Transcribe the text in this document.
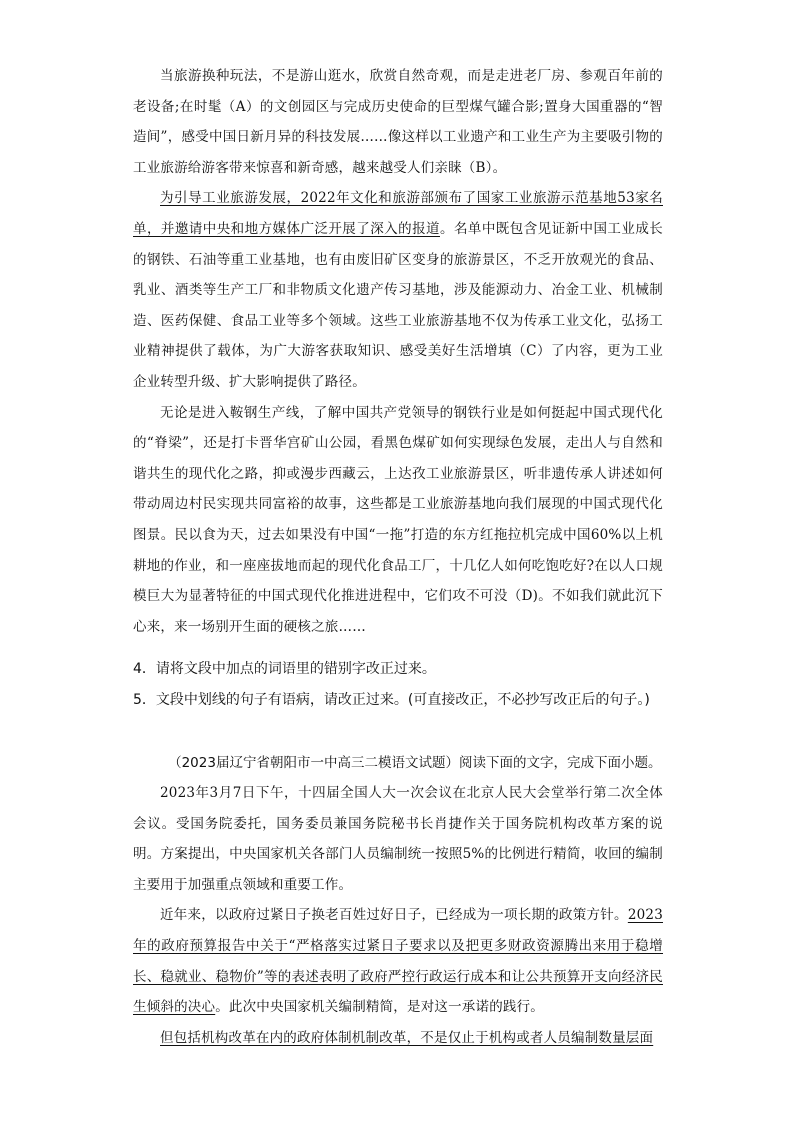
当旅游换种玩法，不是游山逛水，欣赏自然奇观，而是走进老厂房、参观百年前的老设备;在时髦（A）的文创园区与完成历史使命的巨型煤气罐合影;置身大国重器的“智造间”，感受中国日新月异的科技发展……像这样以工业遗产和工业生产为主要吸引物的工业旅游给游客带来惊喜和新奇感，越来越受人们亲睐（B）。

为引导工业旅游发展，2022年文化和旅游部颁布了国家工业旅游示范基地53家名单，并邀请中央和地方媒体广泛开展了深入的报道。名单中既包含见证新中国工业成长的钢铁、石油等重工业基地，也有由废旧矿区变身的旅游景区，不乏开放观光的食品、乳业、酒类等生产工厂和非物质文化遗产传习基地，涉及能源动力、冶金工业、机械制造、医药保健、食品工业等多个领域。这些工业旅游基地不仅为传承工业文化，弘扬工业精神提供了载体，为广大游客获取知识、感受美好生活增填（C）了内容，更为工业企业转型升级、扩大影响提供了路径。

无论是进入鞍钢生产线，了解中国共产党领导的钢铁行业是如何挺起中国式现代化的“脊梁”，还是打卡晋华宫矿山公园，看黑色煤矿如何实现绿色发展，走出人与自然和谐共生的现代化之路，抑或漫步西藏云，上达孜工业旅游景区，听非遗传承人讲述如何带动周边村民实现共同富裕的故事，这些都是工业旅游基地向我们展现的中国式现代化图景。民以食为天，过去如果没有中国“一拖”打造的东方红拖拉机完成中国60%以上机耕地的作业，和一座座拔地而起的现代化食品工厂，十几亿人如何吃饱吃好?在以人口规模巨大为显著特征的中国式现代化推进进程中，它们攻不可没（D)。不如我们就此沉下心来，来一场别开生面的硬核之旅……

4．请将文段中加点的词语里的错别字改正过来。

5．文段中划线的句子有语病，请改正过来。(可直接改正，不必抄写改正后的句子。)

（2023届辽宁省朝阳市一中高三二模语文试题）阅读下面的文字，完成下面小题。

2023年3月7日下午，十四届全国人大一次会议在北京人民大会堂举行第二次全体会议。受国务院委托，国务委员兼国务院秘书长肖捷作关于国务院机构改革方案的说明。方案提出，中央国家机关各部门人员编制统一按照5%的比例进行精简，收回的编制主要用于加强重点领域和重要工作。

近年来，以政府过紧日子换老百姓过好日子，已经成为一项长期的政策方针。2023年的政府预算报告中关于“严格落实过紧日子要求以及把更多财政资源腾出来用于稳增长、稳就业、稳物价”等的表述表明了政府严控行政运行成本和让公共预算开支向经济民生倾斜的决心。此次中央国家机关编制精简，是对这一承诺的践行。

但包括机构改革在内的政府体制机制改革，不是仅止于机构或者人员编制数量层面
